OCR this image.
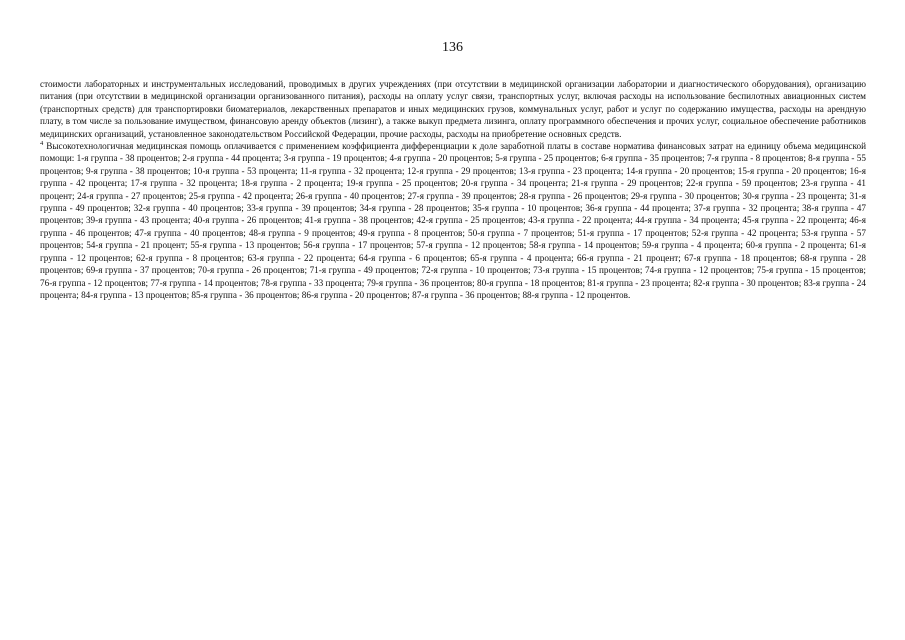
136

стоимости лабораторных и инструментальных исследований, проводимых в других учреждениях (при отсутствии в медицинской организации лаборатории и диагностического оборудования), организацию питания (при отсутствии в медицинской организации организованного питания), расходы на оплату услуг связи, транспортных услуг, включая расходы на использование беспилотных авиационных систем (транспортных средств) для транспортировки биоматериалов, лекарственных препаратов и иных медицинских грузов, коммунальных услуг, работ и услуг по содержанию имущества, расходы на арендную плату, в том числе за пользование имуществом, финансовую аренду объектов (лизинг), а также выкуп предмета лизинга, оплату программного обеспечения и прочих услуг, социальное обеспечение работников медицинских организаций, установленное законодательством Российской Федерации, прочие расходы, расходы на приобретение основных средств.

$^4$ Высокотехнологичная медицинская помощь оплачивается с применением коэффициента дифференциации к доле заработной платы в составе норматива финансовых затрат на единицу объема медицинской помощи: 1-я группа - 38 процентов; 2-я группа - 44 процента; 3-я группа - 19 процентов; 4-я группа - 20 процентов; 5-я группа - 25 процентов; 6-я группа - 35 процентов; 7-я группа - 8 процентов; 8-я группа - 55 процентов; 9-я группа - 38 процентов; 10-я группа - 53 процента; 11-я группа - 32 процента; 12-я группа - 29 процентов; 13-я группа - 23 процента; 14-я группа - 20 процентов; 15-я группа - 20 процентов; 16-я группа - 42 процента; 17-я группа - 32 процента; 18-я группа - 2 процента; 19-я группа - 25 процентов; 20-я группа - 34 процента; 21-я группа - 29 процентов; 22-я группа - 59 процентов; 23-я группа - 41 процент; 24-я группа - 27 процентов; 25-я группа - 42 процента; 26-я группа - 40 процентов; 27-я группа - 39 процентов; 28-я группа - 26 процентов; 29-я группа - 30 процентов; 30-я группа - 23 процента; 31-я группа - 49 процентов; 32-я группа - 40 процентов; 33-я группа - 39 процентов; 34-я группа - 28 процентов; 35-я группа - 10 процентов; 36-я группа - 44 процента; 37-я группа - 32 процента; 38-я группа - 47 процентов; 39-я группа - 43 процента; 40-я группа - 26 процентов; 41-я группа - 38 процентов; 42-я группа - 25 процентов; 43-я группа - 22 процента; 44-я группа - 34 процента; 45-я группа - 22 процента; 46-я группа - 46 процентов; 47-я группа - 40 процентов; 48-я группа - 9 процентов; 49-я группа - 8 процентов; 50-я группа - 7 процентов; 51-я группа - 17 процентов; 52-я группа - 42 процента; 53-я группа - 57 процентов; 54-я группа - 21 процент; 55-я группа - 13 процентов; 56-я группа - 17 процентов; 57-я группа - 12 процентов; 58-я группа - 14 процентов; 59-я группа - 4 процента; 60-я группа - 2 процента; 61-я группа - 12 процентов; 62-я группа - 8 процентов; 63-я группа - 22 процента; 64-я группа - 6 процентов; 65-я группа - 4 процента; 66-я группа - 21 процент; 67-я группа - 18 процентов; 68-я группа - 28 процентов; 69-я группа - 37 процентов; 70-я группа - 26 процентов; 71-я группа - 49 процентов; 72-я группа - 10 процентов; 73-я группа - 15 процентов; 74-я группа - 12 процентов; 75-я группа - 15 процентов; 76-я группа - 12 процентов; 77-я группа - 14 процентов; 78-я группа - 33 процента; 79-я группа - 36 процентов; 80-я группа - 18 процентов; 81-я группа - 23 процента; 82-я группа - 30 процентов; 83-я группа - 24 процента; 84-я группа - 13 процентов; 85-я группа - 36 процентов; 86-я группа - 20 процентов; 87-я группа - 36 процентов; 88-я группа - 12 процентов.
